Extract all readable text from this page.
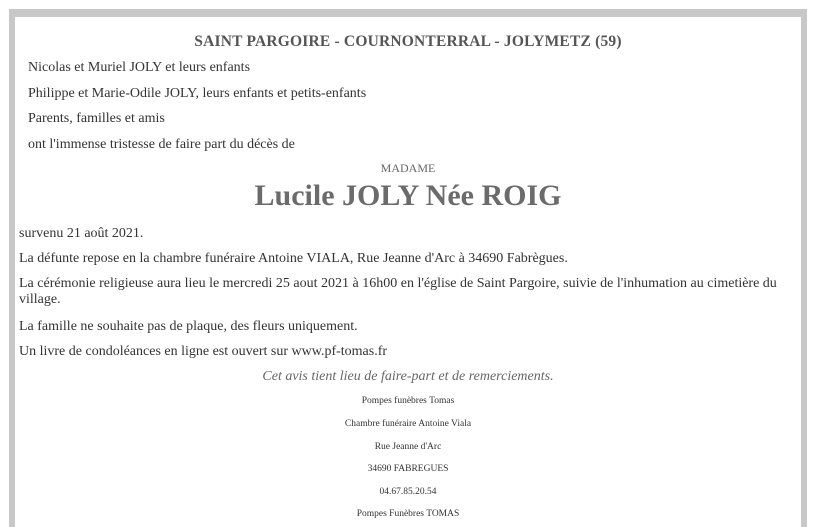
SAINT PARGOIRE - COURNONTERRAL - JOLYMETZ (59)
Nicolas et Muriel JOLY et leurs enfants
Philippe et Marie-Odile JOLY, leurs enfants et petits-enfants
Parents, familles et amis
ont l'immense tristesse de faire part du décès de
MADAME
Lucile JOLY Née ROIG
survenu 21 août 2021.
La défunte repose en la chambre funéraire Antoine VIALA, Rue Jeanne d'Arc à 34690 Fabrègues.
La cérémonie religieuse aura lieu le mercredi 25 aout 2021 à 16h00 en l'église de Saint Pargoire, suivie de l'inhumation au cimetière du village.
La famille ne souhaite pas de plaque, des fleurs uniquement.
Un livre de condoléances en ligne est ouvert sur www.pf-tomas.fr
Cet avis tient lieu de faire-part et de remerciements.
Pompes funèbres Tomas
Chambre funéraire Antoine Viala
Rue Jeanne d'Arc
34690 FABREGUES
04.67.85.20.54
Pompes Funèbres TOMAS
